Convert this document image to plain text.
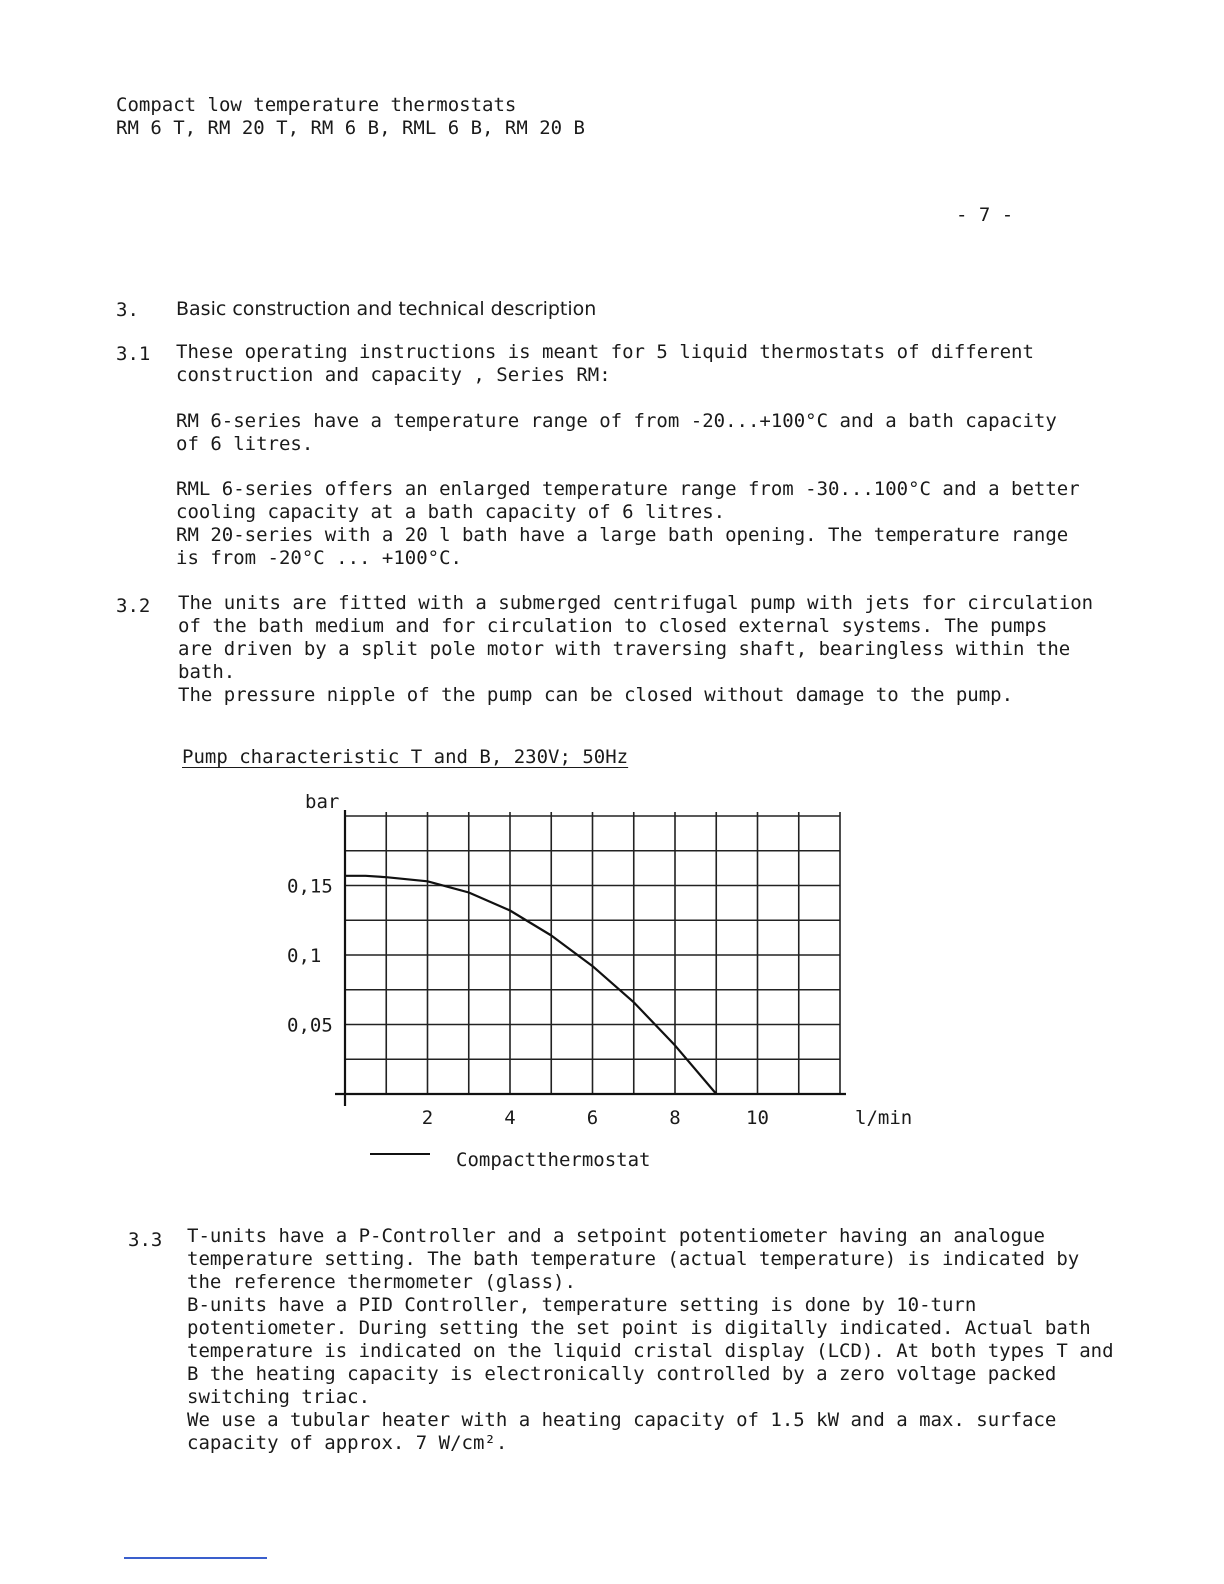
Compact low temperature thermostats
RM 6 T, RM 20 T, RM 6 B, RML 6 B, RM 20 B
- 7 -
3. Basic construction and technical description
3.1 These operating instructions is meant for 5 liquid thermostats of different
construction and capacity , Series RM:
RM 6-series have a temperature range of from -20...+100°C and a bath capacity
of 6 litres.
RML 6-series offers an enlarged temperature range from -30...100°C and a better
cooling capacity at a bath capacity of 6 litres.
RM 20-series with a 20 l bath have a large bath opening. The temperature range
is from -20°C ... +100°C.
3.2 The units are fitted with a submerged centrifugal pump with jets for circulation
of the bath medium and for circulation to closed external systems. The pumps
are driven by a split pole motor with traversing shaft, bearingless within the
bath.
The pressure nipple of the pump can be closed without damage to the pump.
Pump characteristic T and B, 230V; 50Hz
bar
0,05
0,1
0,15
2	4	6	8	10	l/min
Compactthermostat
3.3 T-units have a P-Controller and a setpoint potentiometer having an analogue
temperature setting. The bath temperature (actual temperature) is indicated by
the reference thermometer (glass).
B-units have a PID Controller, temperature setting is done by 10-turn
potentiometer. During setting the set point is digitally indicated. Actual bath
temperature is indicated on the liquid cristal display (LCD). At both types T and
B the heating capacity is electronically controlled by a zero voltage packed
switching triac.
We use a tubular heater with a heating capacity of 1.5 kW and a max. surface
capacity of approx. 7 W/cm².
